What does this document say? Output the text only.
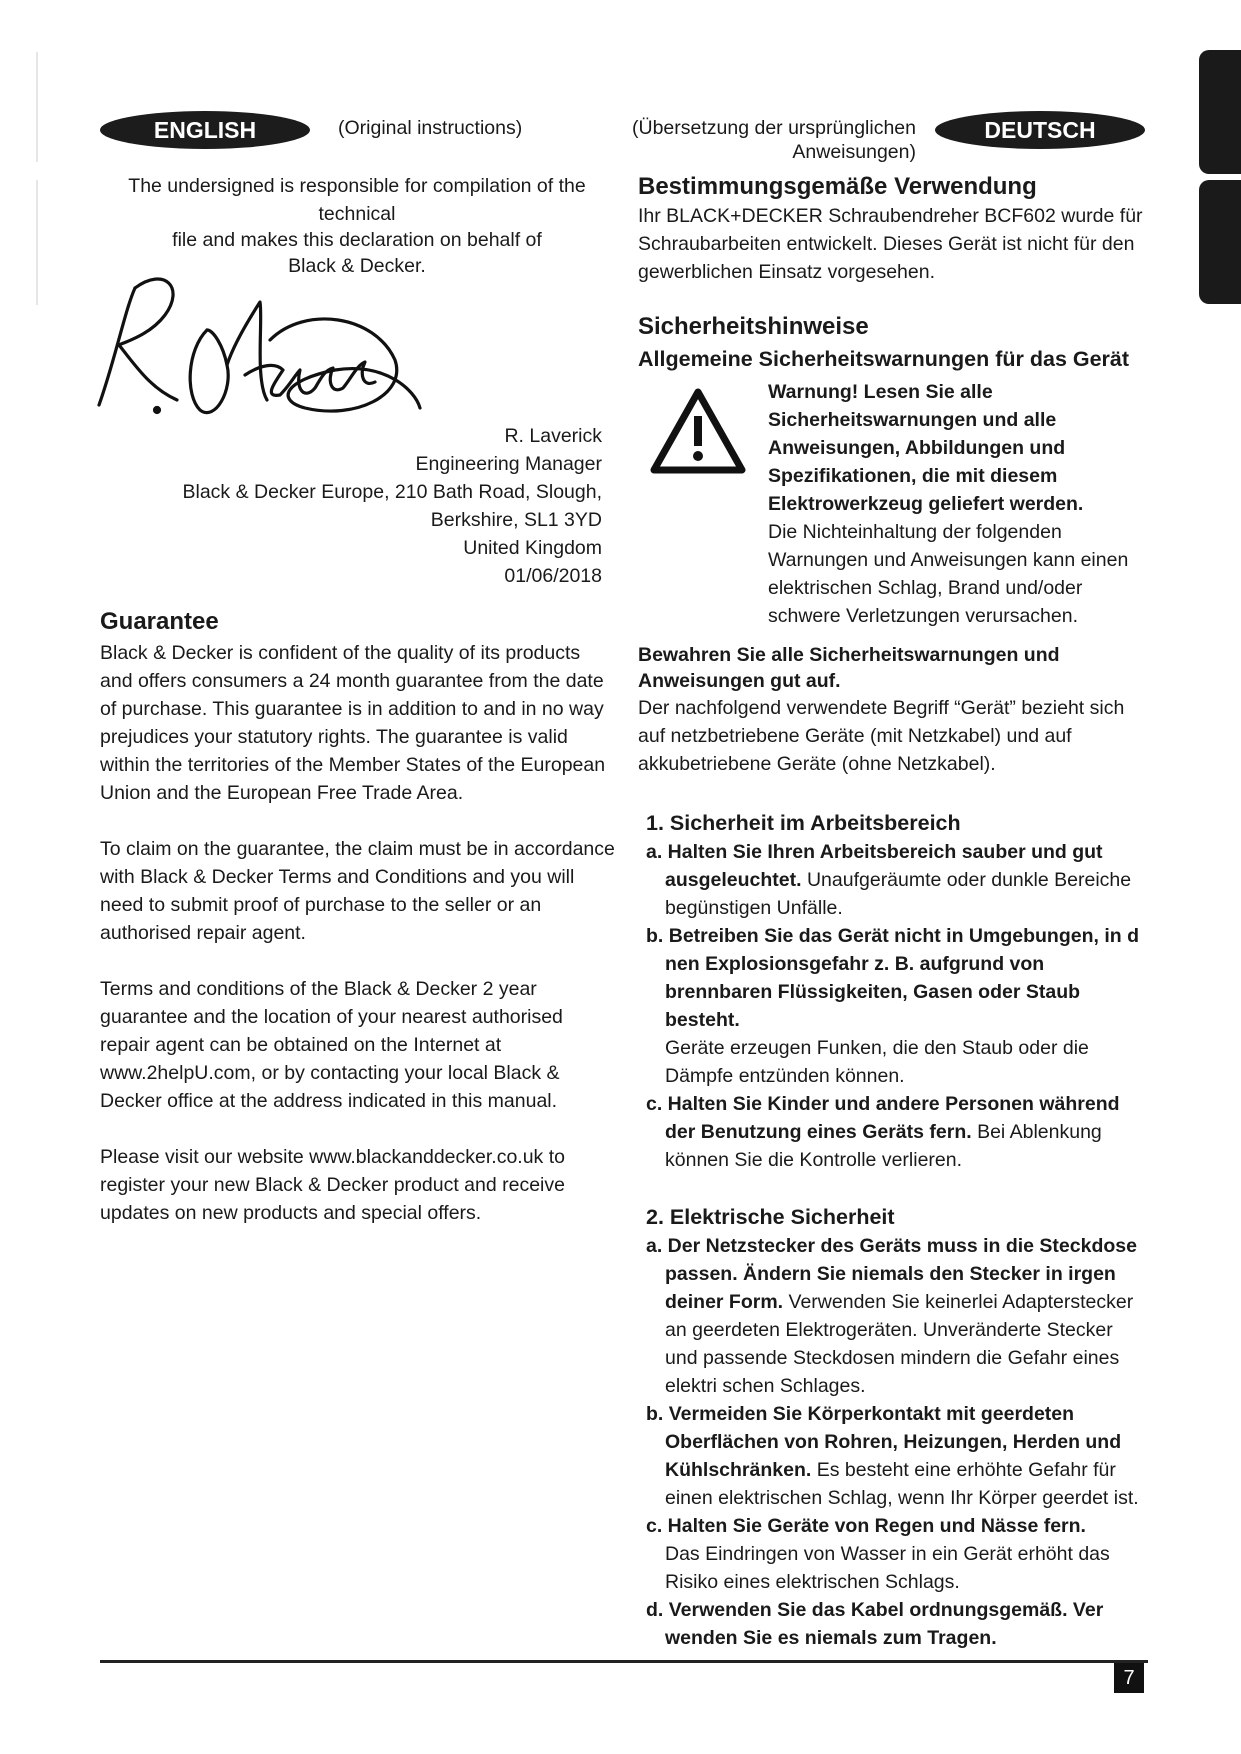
ENGLISH	(Original instructions)

The undersigned is responsible for compilation of the technical

file and makes this declaration on behalf of

Black & Decker.

R. Laverick

Engineering Manager

Black & Decker Europe, 210 Bath Road, Slough,

Berkshire, SL1 3YD

United Kingdom

01/06/2018

Guarantee

Black & Decker is confident of the quality of its products and offers consumers a 24 month guarantee from the date of purchase. This guarantee is in addition to and in no way prejudices your statutory rights. The guarantee is valid within the territories of the Member States of the European Union and the European Free Trade Area.

To claim on the guarantee, the claim must be in accordance with Black & Decker Terms and Conditions and you will need to submit proof of purchase to the seller or an authorised repair agent.

Terms and conditions of the Black & Decker 2 year guarantee and the location of your nearest authorised repair agent can be obtained on the Internet at www.2helpU.com, or by contacting your local Black & Decker office at the address indicated in this manual.

Please visit our website www.blackanddecker.co.uk to register your new Black & Decker product and receive updates on new products and special offers.

(Übersetzung der ursprünglichen

Anweisungen)

DEUTSCH
Bestimmungsgemäße Verwendung

Ihr BLACK+DECKER Schraubendreher BCF602 wurde für Schraubarbeiten entwickelt. Dieses Gerät ist nicht für den gewerblichen Einsatz vorgesehen.

Sicherheitshinweise
Allgemeine Sicherheitswarnungen für das Gerät

Warnung! Lesen Sie alle Sicherheitswarnungen und alle Anweisungen, Abbildungen und Spezifikationen, die mit diesem Elektrowerkzeug geliefert werden.

Die Nichteinhaltung der folgenden Warnungen und Anweisungen kann einen elektrischen Schlag, Brand und/oder schwere Verletzungen verursachen.

Bewahren Sie alle Sicherheitswarnungen und Anweisungen gut auf.

Der nachfolgend verwendete Begriff “Gerät” bezieht sich auf netzbetriebene Geräte (mit Netzkabel) und auf akkubetriebene Geräte (ohne Netzkabel).

1. Sicherheit im Arbeitsbereich

a. Halten Sie Ihren Arbeitsbereich sauber und gut ausgeleuchtet. Unaufgeräumte oder dunkle Bereiche begünstigen Unfälle.

b. Betreiben Sie das Gerät nicht in Umgebungen, in d nen Explosionsgefahr z. B. aufgrund von brennbaren Flüssigkeiten, Gasen oder Staub besteht.
Geräte erzeugen Funken, die den Staub oder die Dämpfe entzünden können.

c. Halten Sie Kinder und andere Personen während der Benutzung eines Geräts fern. Bei Ablenkung können Sie die Kontrolle verlieren.

2. Elektrische Sicherheit

a. Der Netzstecker des Geräts muss in die Steckdose passen. Ändern Sie niemals den Stecker in irgen deiner Form. Verwenden Sie keinerlei Adapterstecker an geerdeten Elektrogeräten. Unveränderte Stecker und passende Steckdosen mindern die Gefahr eines elektri schen Schlages.

b. Vermeiden Sie Körperkontakt mit geerdeten Oberflächen von Rohren, Heizungen, Herden und Kühlschränken. Es besteht eine erhöhte Gefahr für einen elektrischen Schlag, wenn Ihr Körper geerdet ist.

c. Halten Sie Geräte von Regen und Nässe fern.
Das Eindringen von Wasser in ein Gerät erhöht das Risiko eines elektrischen Schlags.

d. Verwenden Sie das Kabel ordnungsgemäß. Ver wenden Sie es niemals zum Tragen.

7
